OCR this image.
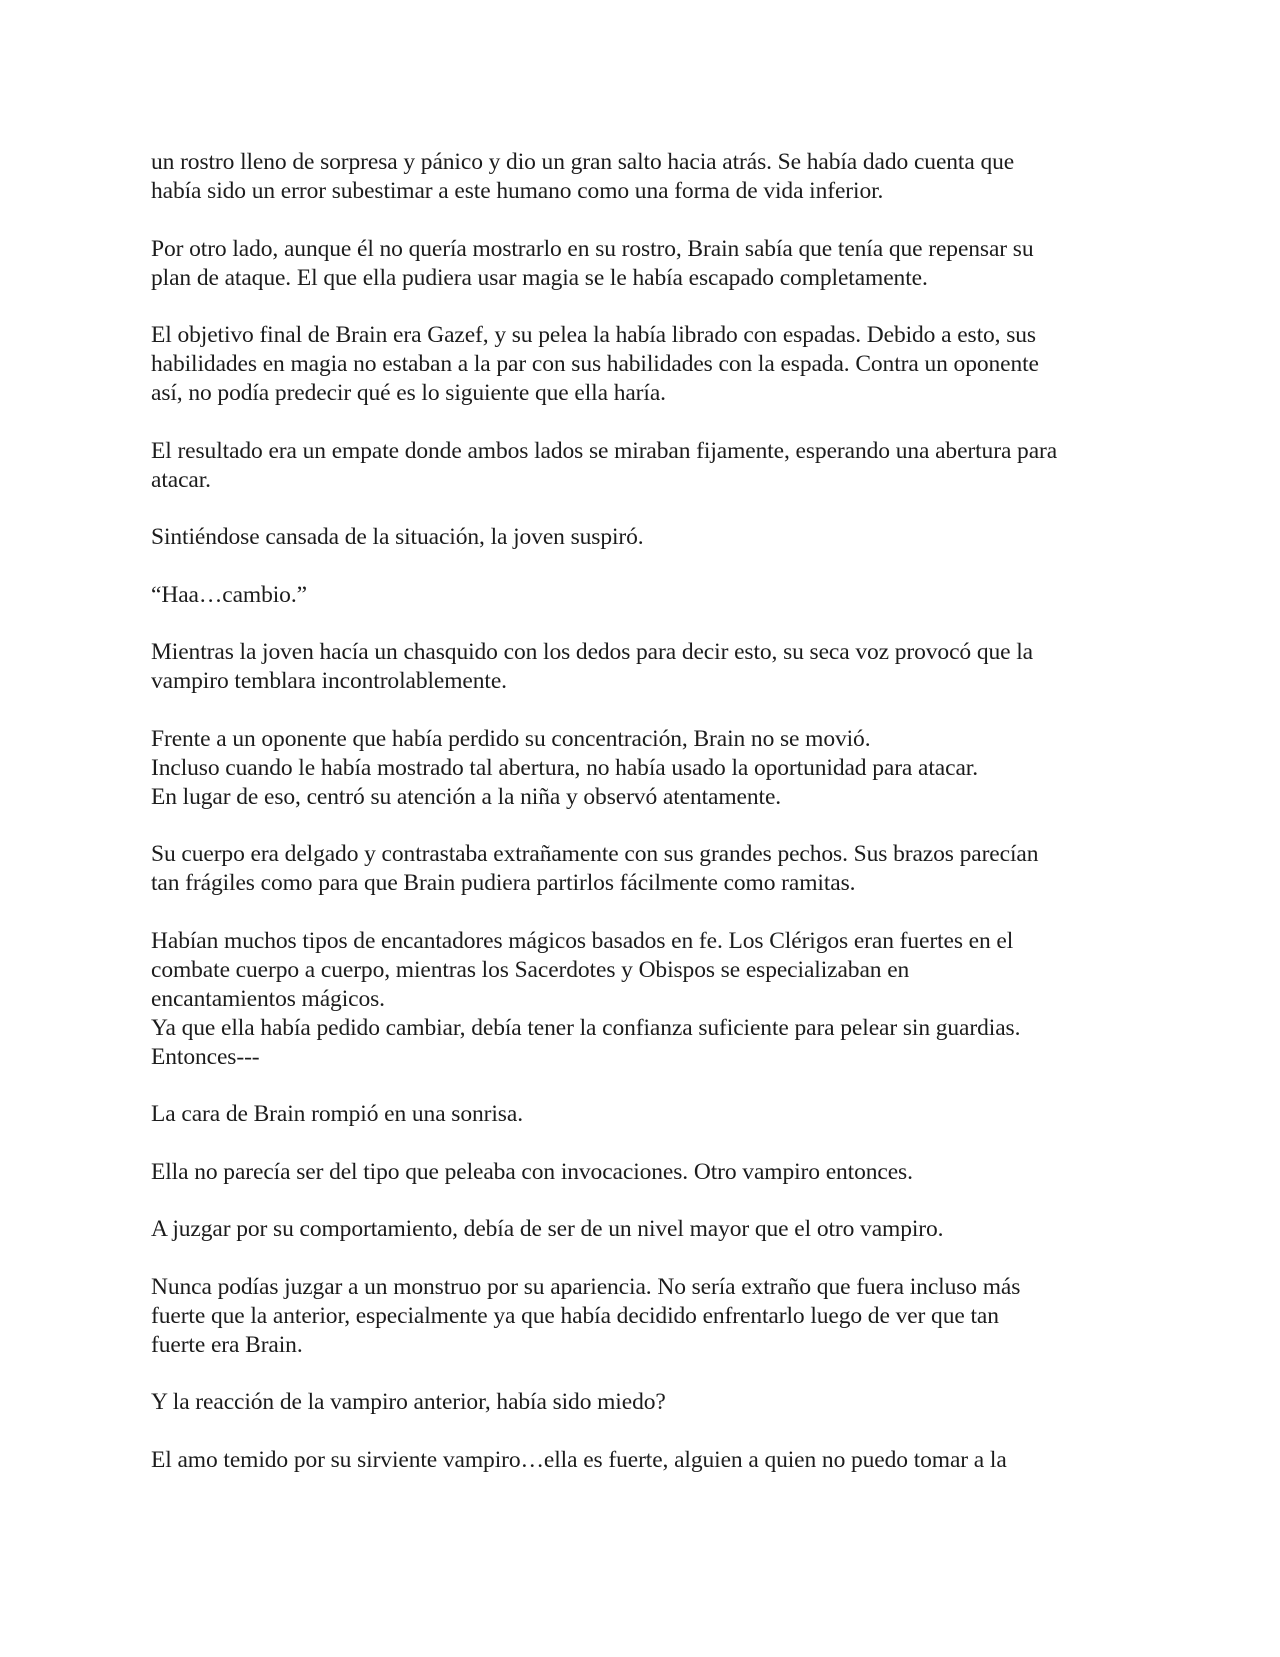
un rostro lleno de sorpresa y pánico y dio un gran salto hacia atrás. Se había dado cuenta que
había sido un error subestimar a este humano como una forma de vida inferior.

Por otro lado, aunque él no quería mostrarlo en su rostro, Brain sabía que tenía que repensar su
plan de ataque. El que ella pudiera usar magia se le había escapado completamente.

El objetivo final de Brain era Gazef, y su pelea la había librado con espadas. Debido a esto, sus
habilidades en magia no estaban a la par con sus habilidades con la espada. Contra un oponente
así, no podía predecir qué es lo siguiente que ella haría.

El resultado era un empate donde ambos lados se miraban fijamente, esperando una abertura para
atacar.

Sintiéndose cansada de la situación, la joven suspiró.

“Haa…cambio.”

Mientras la joven hacía un chasquido con los dedos para decir esto, su seca voz provocó que la
vampiro temblara incontrolablemente.

Frente a un oponente que había perdido su concentración, Brain no se movió.
Incluso cuando le había mostrado tal abertura, no había usado la oportunidad para atacar.
En lugar de eso, centró su atención a la niña y observó atentamente.

Su cuerpo era delgado y contrastaba extrañamente con sus grandes pechos. Sus brazos parecían
tan frágiles como para que Brain pudiera partirlos fácilmente como ramitas.

Habían muchos tipos de encantadores mágicos basados en fe. Los Clérigos eran fuertes en el
combate cuerpo a cuerpo, mientras los Sacerdotes y Obispos se especializaban en
encantamientos mágicos.
Ya que ella había pedido cambiar, debía tener la confianza suficiente para pelear sin guardias.
Entonces---

La cara de Brain rompió en una sonrisa.

Ella no parecía ser del tipo que peleaba con invocaciones. Otro vampiro entonces.

A juzgar por su comportamiento, debía de ser de un nivel mayor que el otro vampiro.

Nunca podías juzgar a un monstruo por su apariencia. No sería extraño que fuera incluso más
fuerte que la anterior, especialmente ya que había decidido enfrentarlo luego de ver que tan
fuerte era Brain.

Y la reacción de la vampiro anterior, había sido miedo?

El amo temido por su sirviente vampiro…ella es fuerte, alguien a quien no puedo tomar a la
